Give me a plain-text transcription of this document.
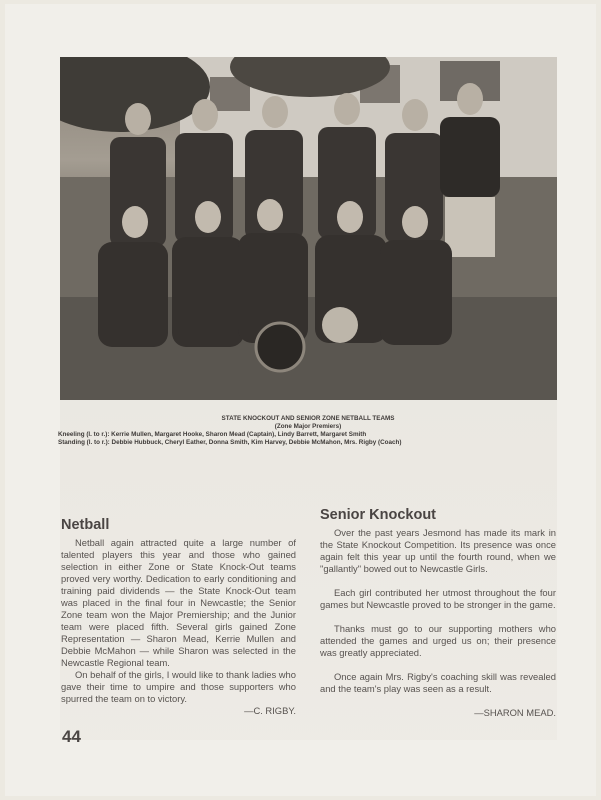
STATE KNOCKOUT AND SENIOR ZONE NETBALL TEAMS
(Zone Major Premiers)
Kneeling (l. to r.): Kerrie Mullen, Margaret Hooke, Sharon Mead (Captain), Lindy Barrett, Margaret Smith
Standing (l. to r.): Debbie Hubbuck, Cheryl Eather, Donna Smith, Kim Harvey, Debbie McMahon, Mrs. Rigby (Coach)
Netball

Netball again attracted quite a large number of talented players this year and those who gained selection in either Zone or State Knock-Out teams proved very worthy. Dedication to early conditioning and training paid dividends — the State Knock-Out team was placed in the final four in Newcastle; the Senior Zone team won the Major Premiership; and the Junior team were placed fifth. Several girls gained Zone Representation — Sharon Mead, Kerrie Mullen and Debbie McMahon — while Sharon was selected in the Newcastle Regional team.

On behalf of the girls, I would like to thank ladies who gave their time to umpire and those supporters who spurred the team on to victory.

—C. RIGBY.
Senior Knockout

Over the past years Jesmond has made its mark in the State Knockout Competition. Its presence was once again felt this year up until the fourth round, when we "gallantly" bowed out to Newcastle Girls.

Each girl contributed her utmost throughout the four games but Newcastle proved to be stronger in the game.

Thanks must go to our supporting mothers who attended the games and urged us on; their presence was greatly appreciated.

Once again Mrs. Rigby's coaching skill was revealed and the team's play was seen as a result.

—SHARON MEAD.
44
